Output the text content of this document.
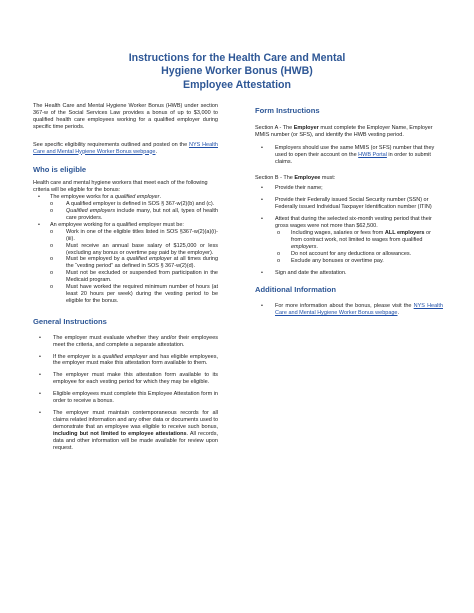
Instructions for the Health Care and Mental
Hygiene Worker Bonus (HWB)
Employee Attestation

The Health Care and Mental Hygiene Worker Bonus (HWB) under section 367-w of the Social Services Law provides a bonus of up to $3,000 to qualified health care employees working for a qualified employer during specific time periods.

See specific eligibility requirements outlined and posted on the NYS Health Care and Mental Hygiene Worker Bonus webpage.

Who is eligible

Health care and mental hygiene workers that meet each of the following criteria will be eligible for the bonus:

• The employee works for a qualified employer.
o A qualified employer is defined in SOS § 367-w(2)(b) and (c).
o Qualified employers include many, but not all, types of health care providers.
• An employee working for a qualified employer must be:
o Work in one of the eligible titles listed in SOS §367-w(2)(a)(i)-(iii).
o Must receive an annual base salary of $125,000 or less (excluding any bonus or overtime pay paid by the employer).
o Must be employed by a qualified employer at all times during the “vesting period” as defined in SOS § 367-w(2)(d).
o Must not be excluded or suspended from participation in the Medicaid program.
o Must have worked the required minimum number of hours (at least 20 hours per week) during the vesting period to be eligible for the bonus.
General Instructions
• The employer must evaluate whether they and/or their employees meet the criteria, and complete a separate attestation.
• If the employer is a qualified employer and has eligible employees, the employer must make this attestation form available to them.
• The employer must make this attestation form available to its employee for each vesting period for which they may be eligible.
• Eligible employees must complete this Employee Attestation form in order to receive a bonus.
• The employer must maintain contemporaneous records for all claims related information and any other data or documents used to demonstrate that an employee was eligible to receive such bonus, including but not limited to employee attestations. All records, data and other information will be made available for review upon request.
Form Instructions

Section A - The Employer must complete the Employer Name, Employer MMIS number (or SFS), and identify the HWB vesting period.

• Employers should use the same MMIS (or SFS) number that they used to open their account on the HWB Portal in order to submit claims.

Section B - The Employee must:

• Provide their name;
• Provide their Federally issued Social Security number (SSN) or Federally issued Individual Taxpayer Identification number (ITIN)
• Attest that during the selected six-month vesting period that their gross wages were not more than $62,500.
o Including wages, salaries or fees from ALL employers or from contract work, not limited to wages from qualified employers.
o Do not account for any deductions or allowances.
o Exclude any bonuses or overtime pay.
• Sign and date the attestation.
Additional Information
• For more information about the bonus, please visit the NYS Health Care and Mental Hygiene Worker Bonus webpage.
